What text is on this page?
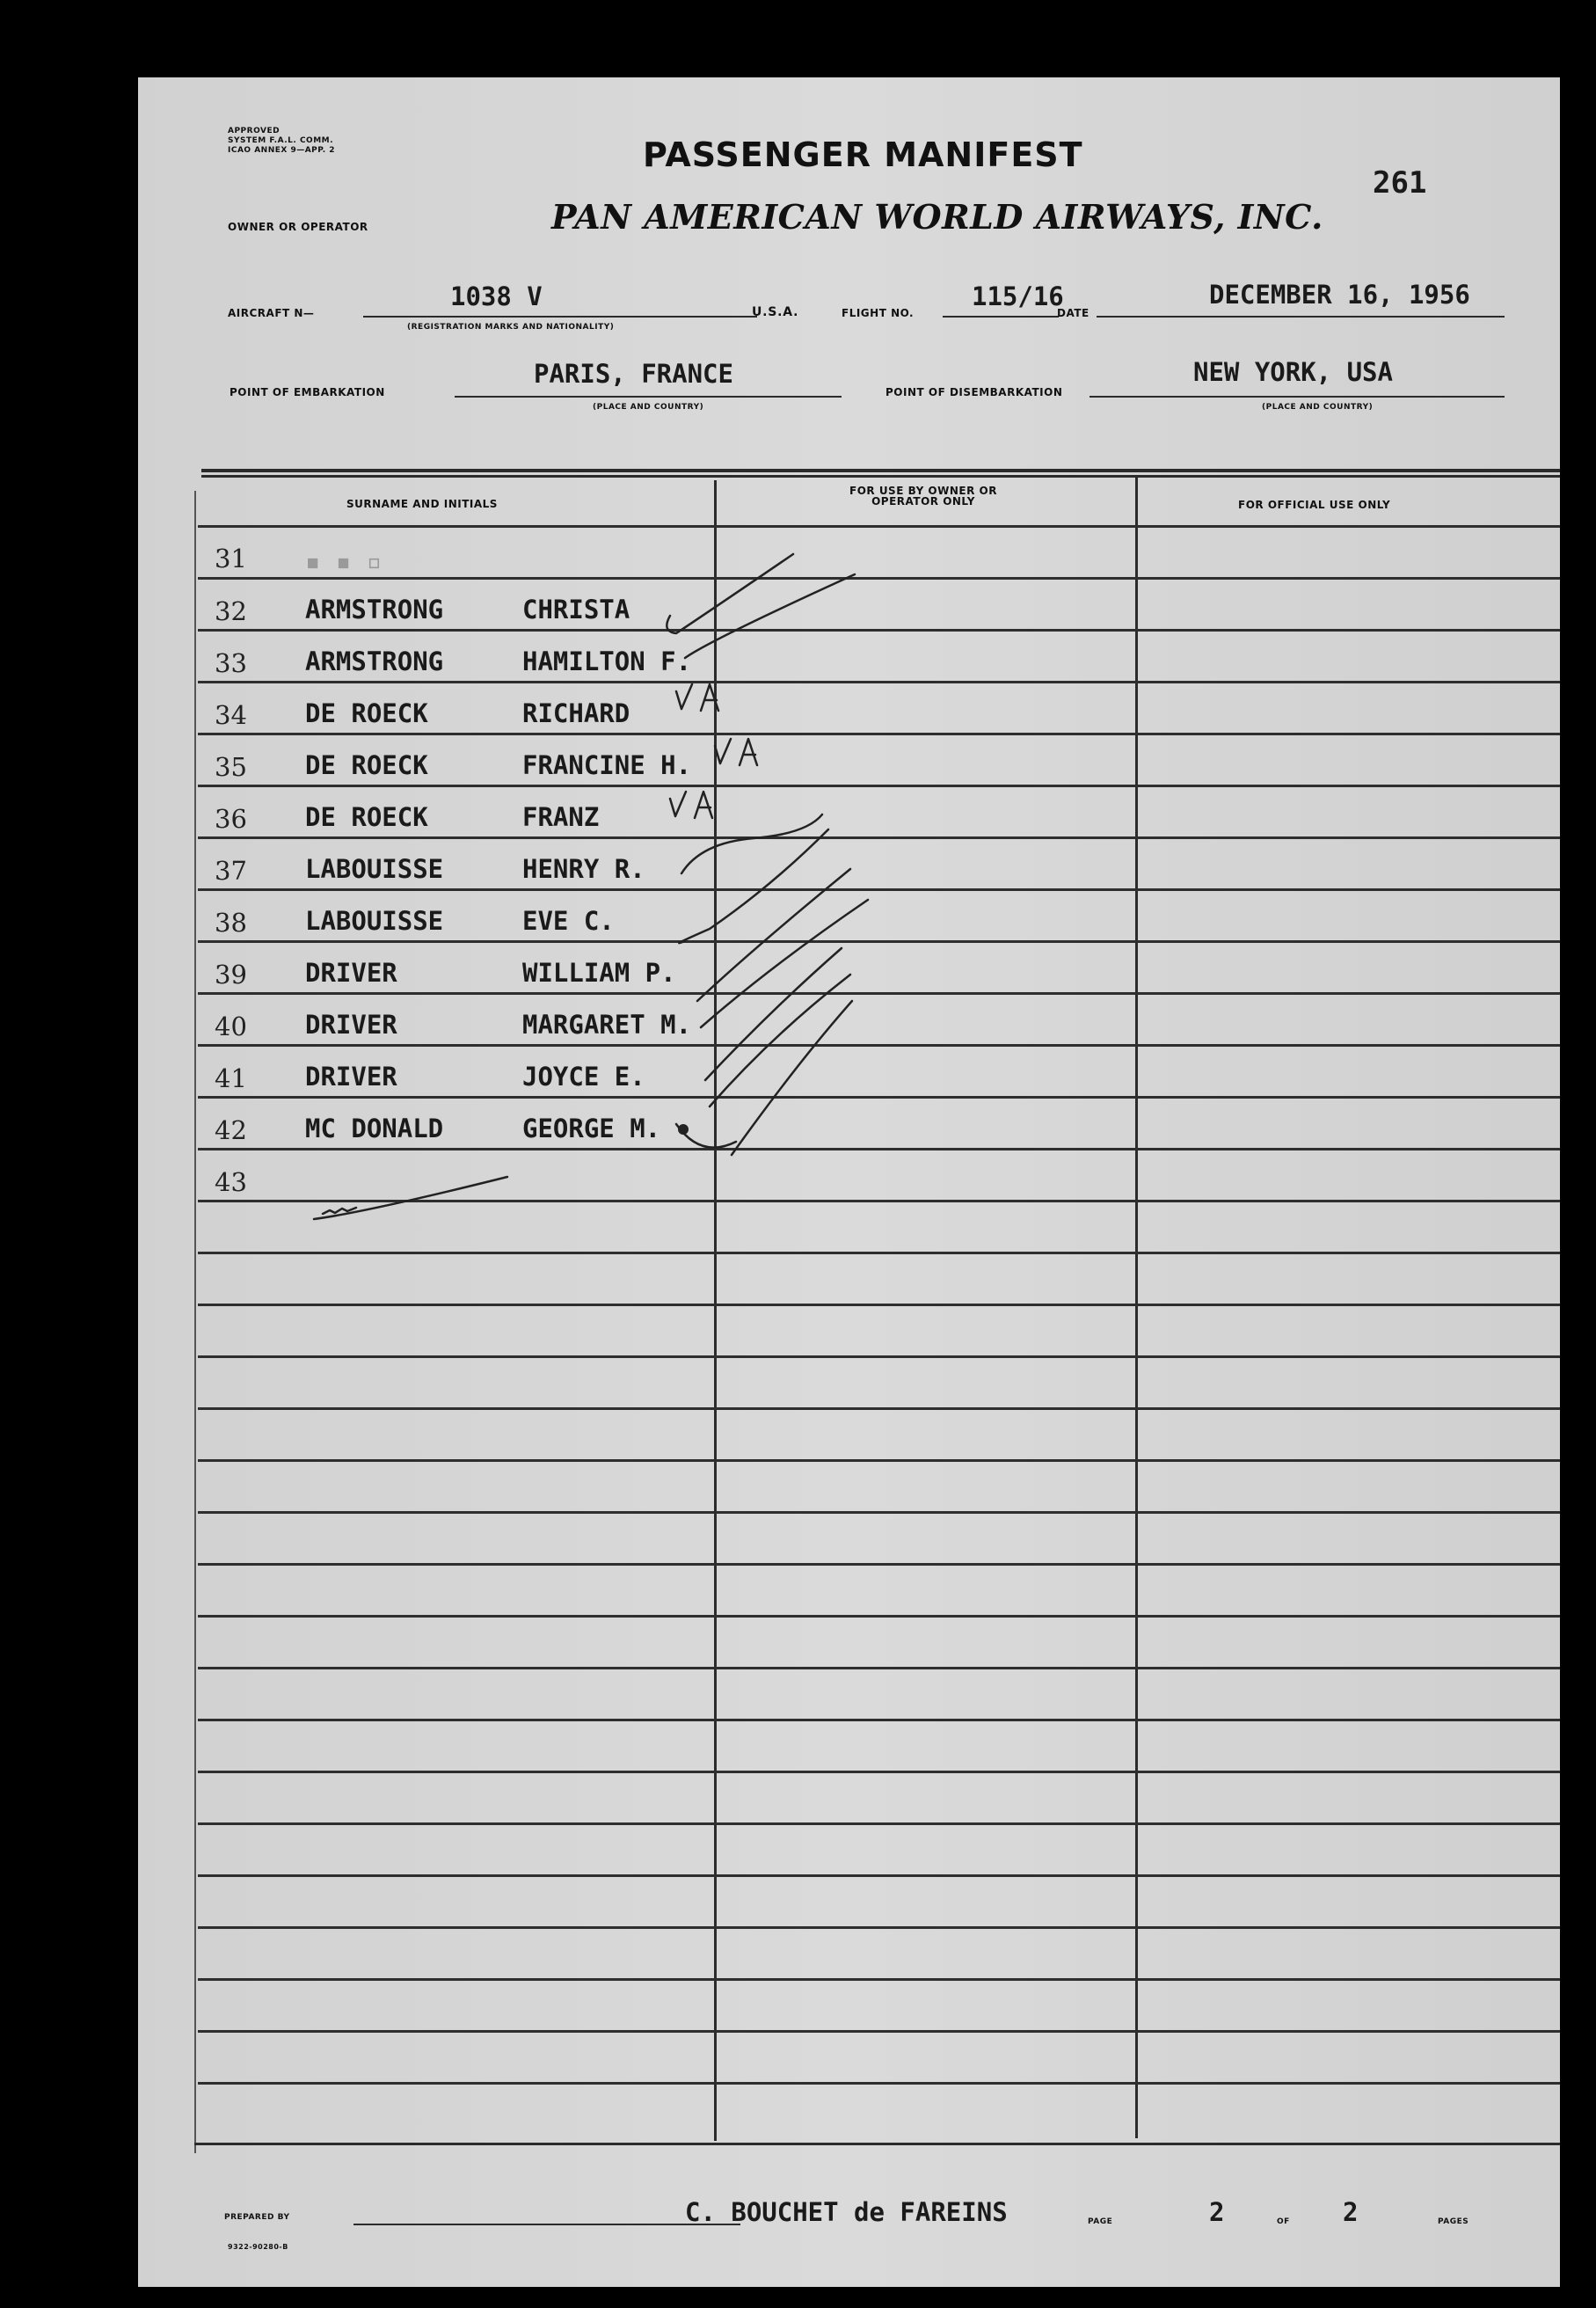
APPROVED
SYSTEM F.A.L. COMM.
ICAO ANNEX 9—APP. 2	PASSENGER MANIFEST
261
OWNER OR OPERATOR	PAN AMERICAN WORLD AIRWAYS, INC.
AIRCRAFT N—
1038 V
(REGISTRATION MARKS AND NATIONALITY)
U.S.A.	FLIGHT NO.
115/16
DATE
DECEMBER 16, 1956
POINT OF EMBARKATION
PARIS, FRANCE
(PLACE AND COUNTRY)
POINT OF DISEMBARKATION
NEW YORK, USA
(PLACE AND COUNTRY)
SURNAME AND INITIALS
FOR USE BY OWNER OR OPERATOR ONLY	FOR OFFICIAL USE ONLY
31 ▪ ▪ ▫
32 ARMSTRONG	CHRISTA
33 ARMSTRONG	HAMILTON F.
34 DE ROECK	RICHARD
35 DE ROECK	FRANCINE H.
36 DE ROECK	FRANZ
37 LABOUISSE	HENRY R.
38 LABOUISSE	EVE C.
39 DRIVER	WILLIAM P.
40 DRIVER	MARGARET M.
41 DRIVER	JOYCE E.
42 MC DONALD	GEORGE M.
43
PREPARED BY	C. BOUCHET de FAREINS	PAGE	2	OF 2	PAGES
9322-90280-B
